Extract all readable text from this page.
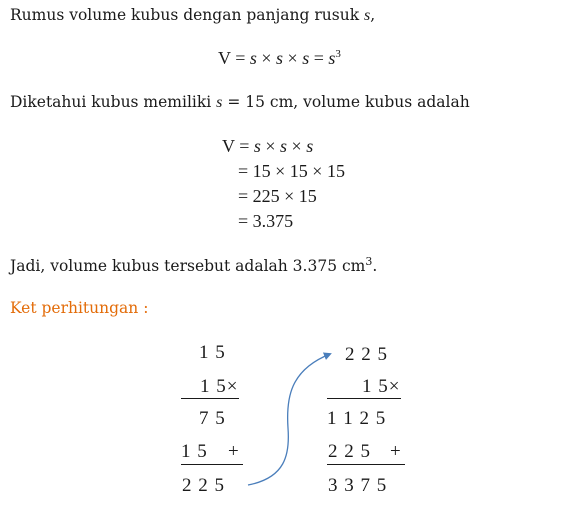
Rumus volume kubus dengan panjang rusuk s,
$V = s \times s \times s = s^3$
Diketahui kubus memiliki s = 15 cm, volume kubus adalah
V = s × s × s
= 15 × 15 × 15
= 225 × 15
= 3.375
Jadi, volume kubus tersebut adalah 3.375 $cm^3$.
Ket perhitungan :
1 5
1 5×
7 5
1 5 +
2 2 5
2 2 5
1 5×
1 1 2 5
2 2 5 +
3 3 7 5
